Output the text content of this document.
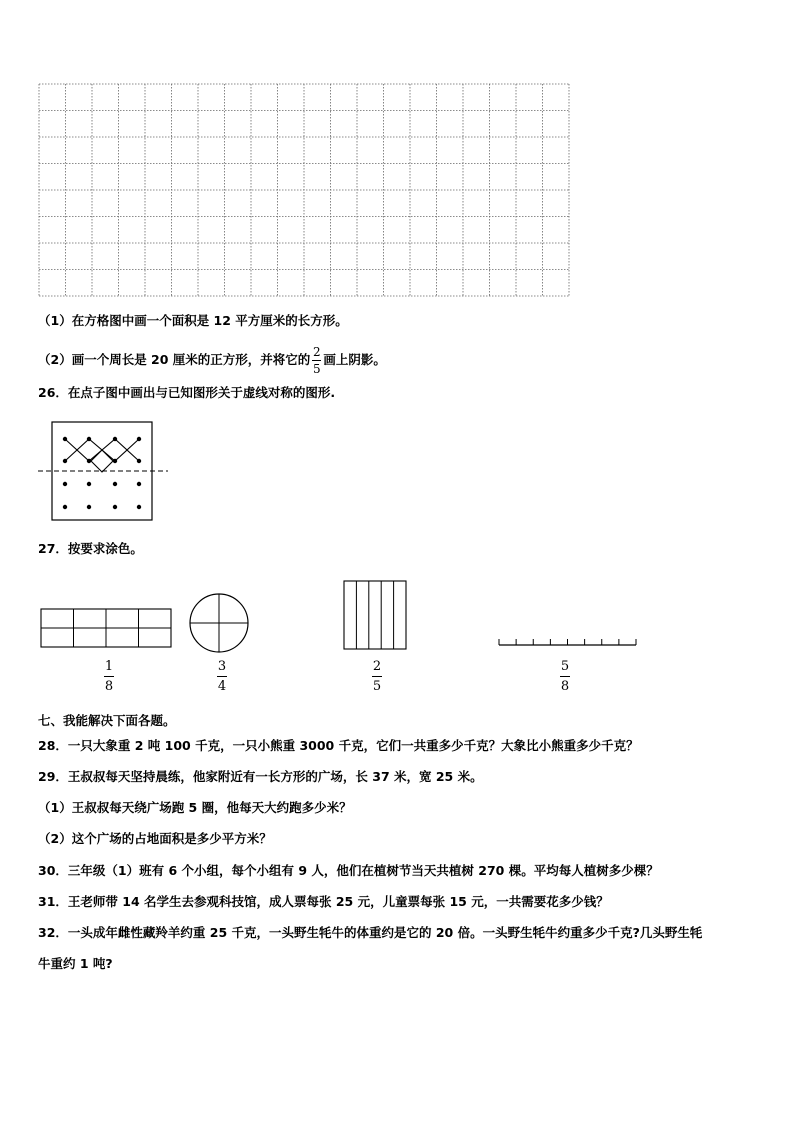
（1）在方格图中画一个面积是 12 平方厘米的长方形。
（2）画一个周长是 20 厘米的正方形，并将它的 $\frac{2}{5}$ 画上阴影。
26．在点子图中画出与已知图形关于虚线对称的图形.
27．按要求涂色。
1
8
3
4
2
5
5
8
七、我能解决下面各题。
28．一只大象重 2 吨 100 千克，一只小熊重 3000 千克，它们一共重多少千克？大象比小熊重多少千克？
29．王叔叔每天坚持晨练，他家附近有一长方形的广场，长 37 米，宽 25 米。
（1）王叔叔每天绕广场跑 5 圈，他每天大约跑多少米？
（2）这个广场的占地面积是多少平方米？
30．三年级（1）班有 6 个小组，每个小组有 9 人，他们在植树节当天共植树 270 棵。平均每人植树多少棵？
31．王老师带 14 名学生去参观科技馆，成人票每张 25 元，儿童票每张 15 元，一共需要花多少钱？
32．一头成年雌性藏羚羊约重 25 千克，一头野生牦牛的体重约是它的 20 倍。一头野生牦牛约重多少千克?几头野生牦
牛重约 1 吨?
